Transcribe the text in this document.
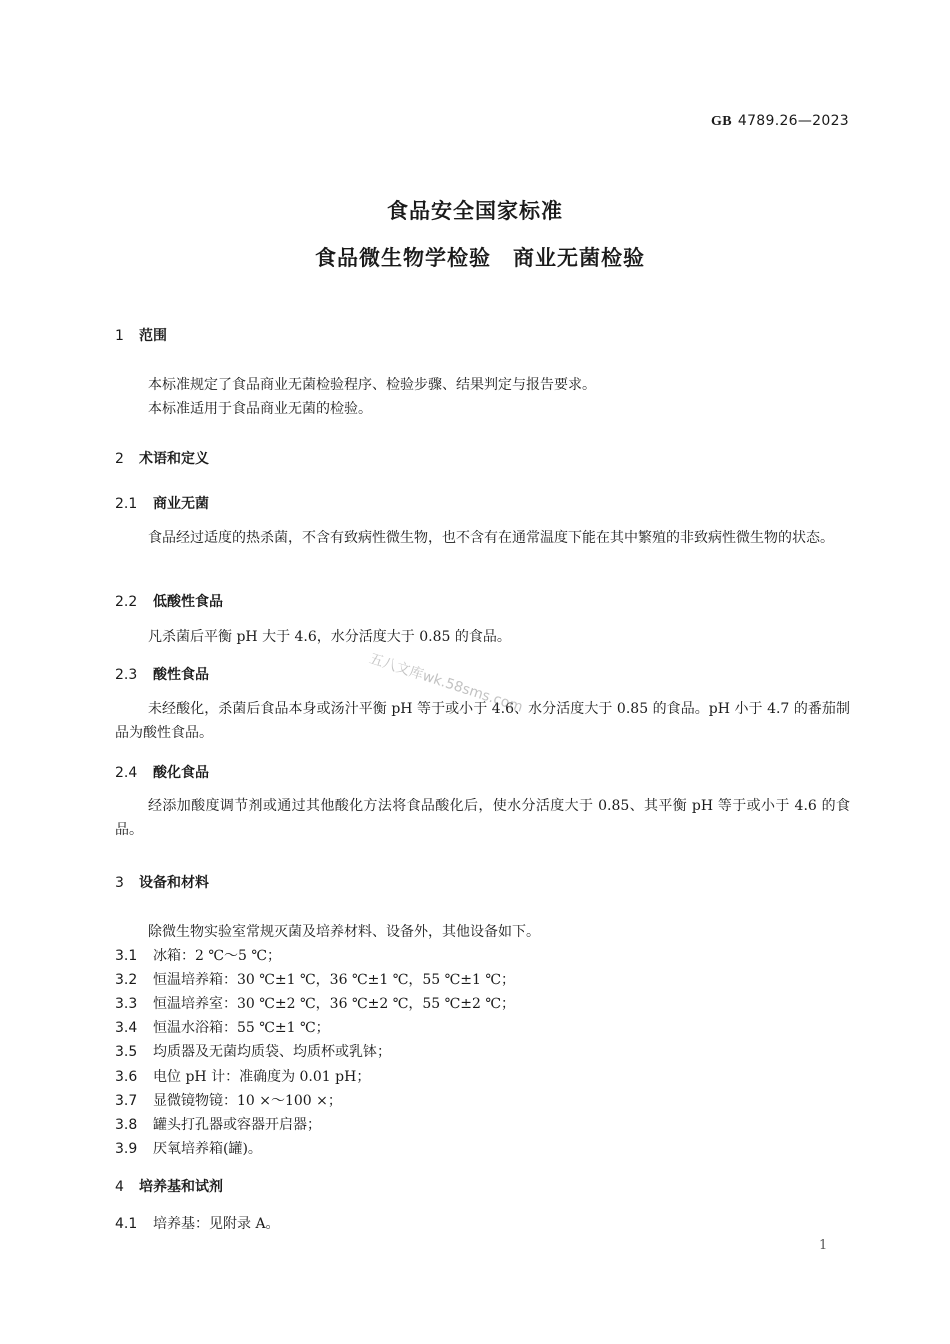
GB 4789.26—2023
食品安全国家标准
食品微生物学检验　商业无菌检验
1 范围
本标准规定了食品商业无菌检验程序、检验步骤、结果判定与报告要求。
本标准适用于食品商业无菌的检验。
2 术语和定义
2.1 商业无菌
食品经过适度的热杀菌，不含有致病性微生物，也不含有在通常温度下能在其中繁殖的非致病性微生物的状态。
2.2 低酸性食品
凡杀菌后平衡 pH 大于 4.6，水分活度大于 0.85 的食品。
2.3 酸性食品
未经酸化，杀菌后食品本身或汤汁平衡 pH 等于或小于 4.6、水分活度大于 0.85 的食品。pH 小于 4.7 的番茄制品为酸性食品。
2.4 酸化食品
经添加酸度调节剂或通过其他酸化方法将食品酸化后，使水分活度大于 0.85、其平衡 pH 等于或小于 4.6 的食品。
3 设备和材料
除微生物实验室常规灭菌及培养材料、设备外，其他设备如下。
3.1 冰箱：2 ℃～5 ℃；
3.2 恒温培养箱：30 ℃±1 ℃，36 ℃±1 ℃，55 ℃±1 ℃；
3.3 恒温培养室：30 ℃±2 ℃，36 ℃±2 ℃，55 ℃±2 ℃；
3.4 恒温水浴箱：55 ℃±1 ℃；
3.5 均质器及无菌均质袋、均质杯或乳钵；
3.6 电位 pH 计：准确度为 0.01 pH；
3.7 显微镜物镜：10 ×～100 ×；
3.8 罐头打孔器或容器开启器；
3.9 厌氧培养箱(罐)。
4 培养基和试剂
4.1 培养基：见附录 A。
五八文库wk.58sms.com
1
